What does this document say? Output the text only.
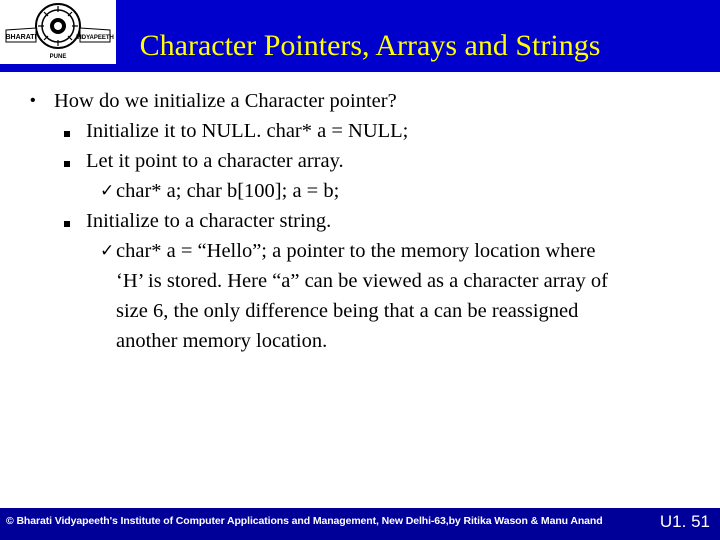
BHARATI	VIDYAPEETH
PUNE	Character Pointers, Arrays and Strings
• How do we initialize a Character pointer?
Initialize it to NULL. char* a = NULL;
Let it point to a character array.
✓ char* a; char b[100]; a = b;
Initialize to a character string.
✓ char* a = “Hello”; a pointer to the memory location where
‘H’ is stored. Here “a” can be viewed as a character array of
size 6, the only difference being that a can be reassigned
another memory location.
© Bharati Vidyapeeth's Institute of Computer Applications and Management, New Delhi-63,by Ritika Wason & Manu Anand	U1. 51
